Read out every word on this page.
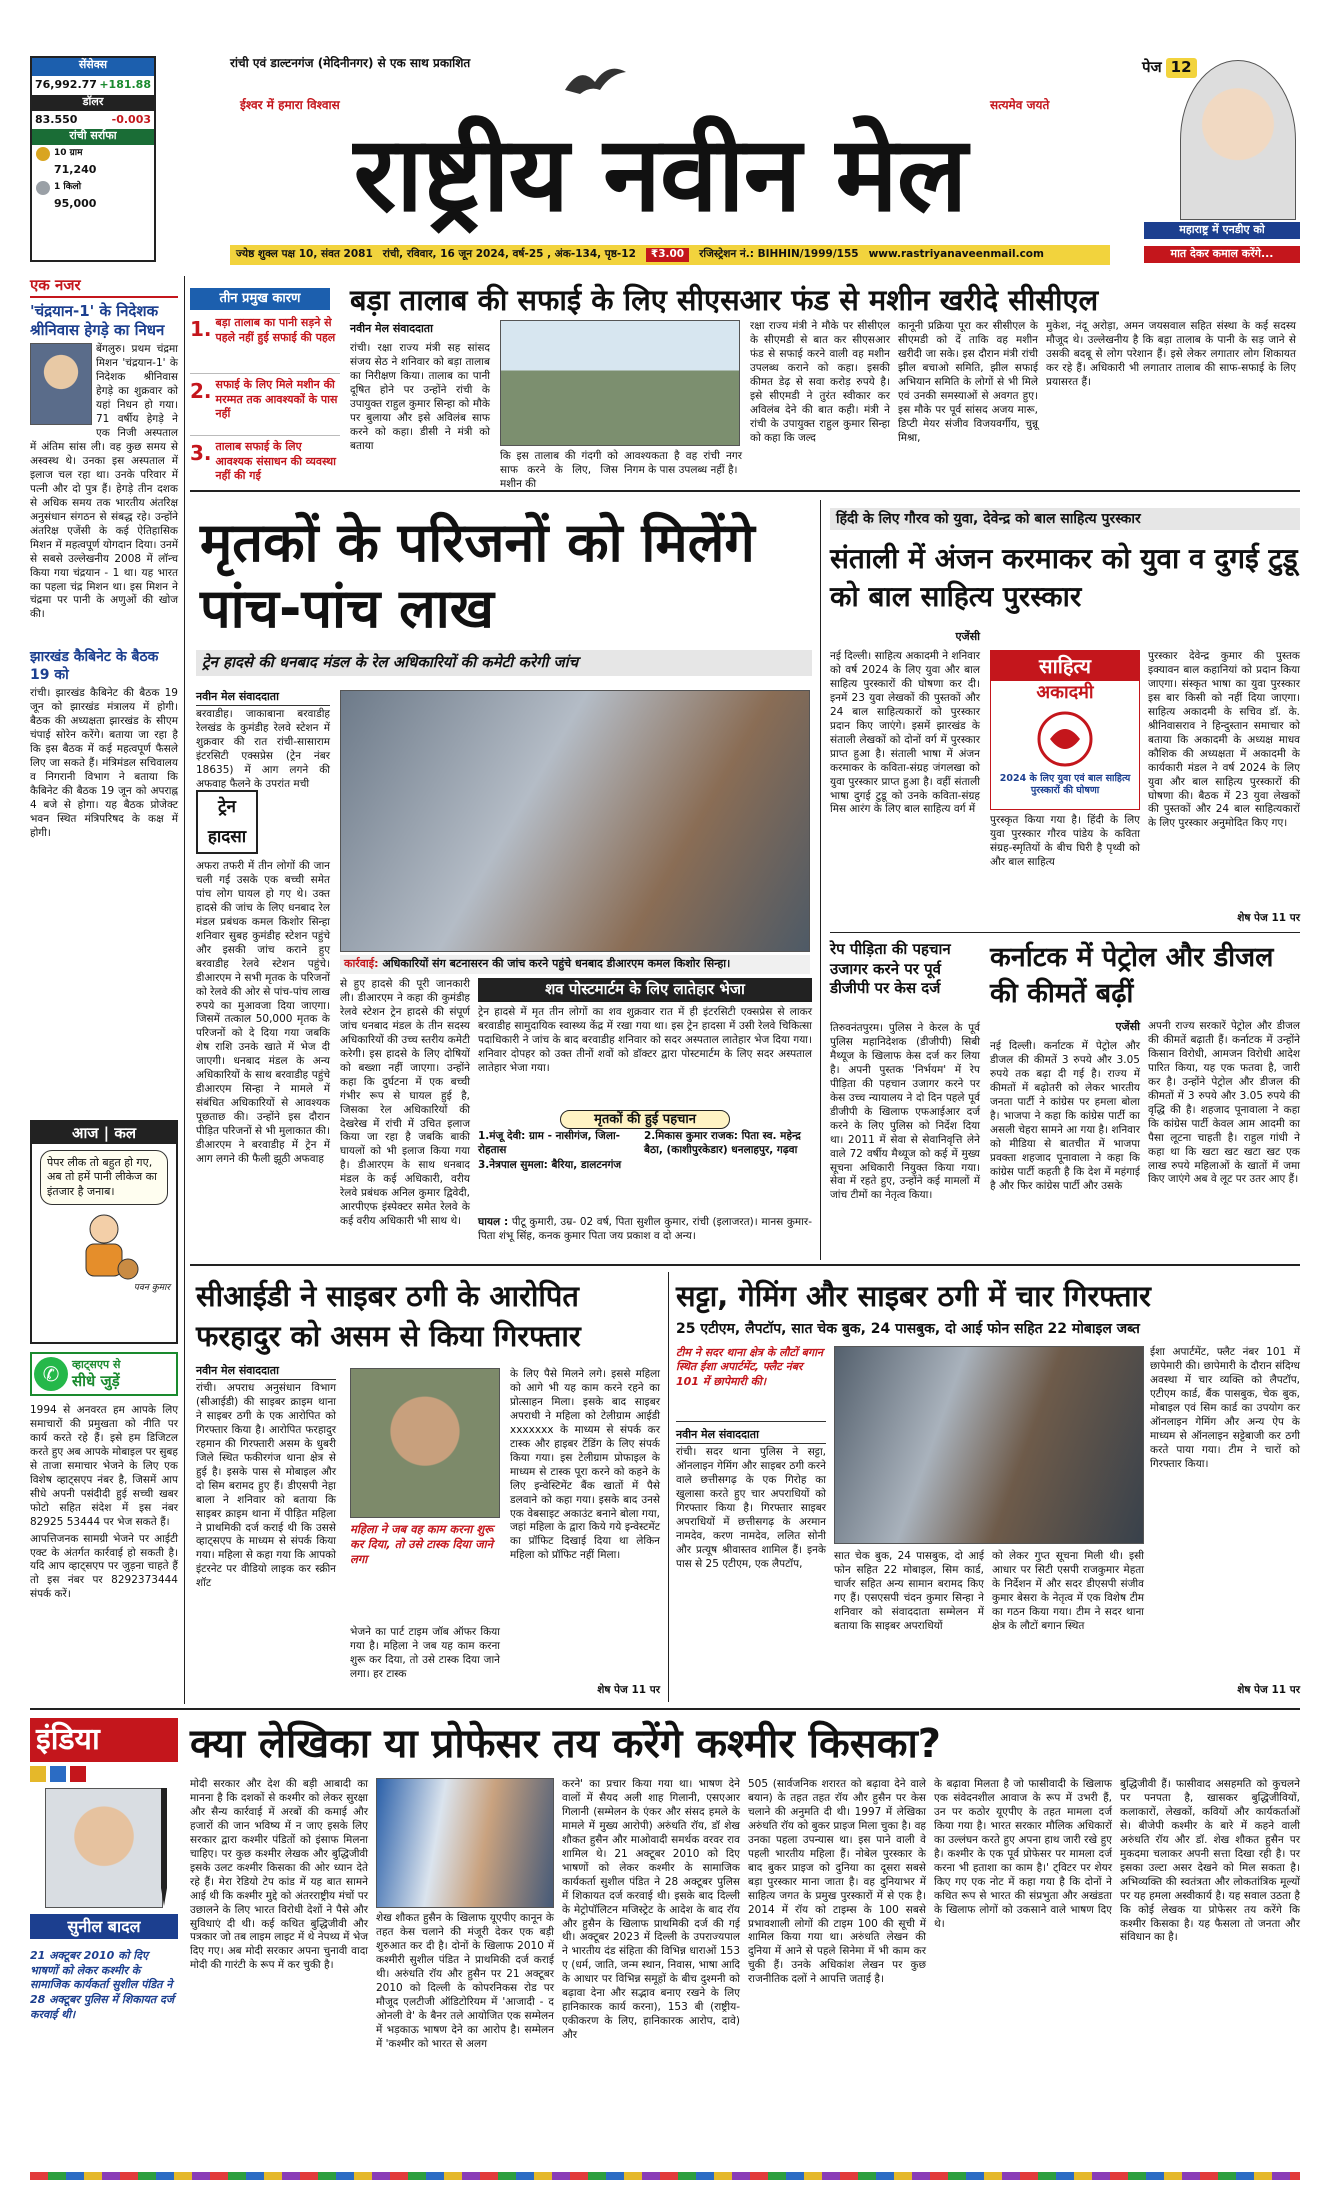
सेंसेक्स
76,992.77 +181.88
डॉलर
83.550	-0.003
रांची सर्राफा
10 ग्राम
71,240
1 किलो
95,000
रांची एवं डाल्टनगंज (मेदिनीनगर) से एक साथ प्रकाशित
ईश्वर में हमारा विश्वास	सत्यमेव जयते
राष्ट्रीय नवीन मेल
पेज 12
महाराष्ट्र में एनडीए को
मात देकर कमाल करेंगे...
ज्येष्ठ शुक्ल पक्ष 10, संवत 2081 रांची, रविवार, 16 जून 2024, वर्ष-25 , अंक-134, पृष्ठ-12	₹3.00	रजिस्ट्रेशन नं.: BIHHIN/1999/155 www.rastriyanaveenmail.com
एक नजर
'चंद्रयान-1' के निदेशक श्रीनिवास हेगड़े का निधन
बेंगलुरु। प्रथम चंद्रमा मिशन 'चंद्रयान-1' के निदेशक श्रीनिवास हेगड़े का शुक्रवार को यहां निधन हो गया। 71 वर्षीय हेगड़े ने एक निजी अस्पताल में अंतिम सांस ली। वह कुछ समय से अस्वस्थ थे। उनका इस अस्पताल में इलाज चल रहा था। उनके परिवार में पत्नी और दो पुत्र हैं। हेगड़े तीन दशक से अधिक समय तक भारतीय अंतरिक्ष अनुसंधान संगठन से संबद्ध रहे। उन्होंने अंतरिक्ष एजेंसी के कई ऐतिहासिक मिशन में महत्वपूर्ण योगदान दिया। उनमें से सबसे उल्लेखनीय 2008 में लॉन्च किया गया चंद्रयान - 1 था। यह भारत का पहला चंद्र मिशन था। इस मिशन ने चंद्रमा पर पानी के अणुओं की खोज की।
झारखंड कैबिनेट के बैठक 19 को
रांची। झारखंड कैबिनेट की बैठक 19 जून को झारखंड मंत्रालय में होगी। बैठक की अध्यक्षता झारखंड के सीएम चंपाई सोरेन करेंगे। बताया जा रहा है कि इस बैठक में कई महत्वपूर्ण फैसले लिए जा सकते हैं। मंत्रिमंडल सचिवालय व निगरानी विभाग ने बताया कि कैबिनेट की बैठक 19 जून को अपराह्न 4 बजे से होगा। यह बैठक प्रोजेक्ट भवन स्थित मंत्रिपरिषद के कक्ष में होगी।
आज | कल
पेपर लीक तो बहुत हो गए, अब तो हमें पानी लीकेज का इंतजार है जनाब।
पवन कुमार
✆	व्हाट्सएप से
सीधे जुड़ें

1994 से अनवरत हम आपके लिए समाचारों की प्रमुखता को नीति पर कार्य करते रहे हैं। इसे हम डिजिटल करते हुए अब आपके मोबाइल पर सुबह से ताजा समाचार भेजने के लिए एक विशेष व्हाट्सएप नंबर है, जिसमें आप सीधे अपनी पसंदीदी हुई सच्ची खबर फोटो सहित संदेश में इस नंबर 82925 53444 पर भेज सकते हैं।

आपत्तिजनक सामग्री भेजने पर आईटी एक्ट के अंतर्गत कार्रवाई हो सकती है। यदि आप व्हाट्सएप पर जुड़ना चाहते हैं तो इस नंबर पर 8292373444 संपर्क करें।

तीन प्रमुख कारण	बड़ा तालाब की सफाई के लिए सीएसआर फंड से मशीन खरीदे सीसीएल
1. बड़ा तालाब का पानी सड़ने से पहले नहीं हुई सफाई की पहल
2. सफाई के लिए मिले मशीन की मरम्मत तक आवश्यकों के पास नहीं
3. तालाब सफाई के लिए आवश्यक संसाधन की व्यवस्था नहीं की गई
नवीन मेल संवाददाता
रांची। रक्षा राज्य मंत्री सह सांसद संजय सेठ ने शनिवार को बड़ा तालाब का निरीक्षण किया। तालाब का पानी दूषित होने पर उन्होंने रांची के उपायुक्त राहुल कुमार सिन्हा को मौके पर बुलाया और इसे अविलंब साफ करने को कहा। डीसी ने मंत्री को बताया
कि इस तालाब की गंदगी को साफ करने के लिए, जिस मशीन की
आवश्यकता है वह रांची नगर निगम के पास उपलब्ध नहीं है।
रक्षा राज्य मंत्री ने मौके पर सीसीएल के सीएमडी से बात कर सीएसआर फंड से सफाई करने वाली वह मशीन उपलब्ध कराने को कहा। इसकी कीमत डेढ़ से सवा करोड़ रुपये है। इसे सीएमडी ने तुरंत स्वीकार कर अविलंब देने की बात कही। मंत्री ने रांची के उपायुक्त राहुल कुमार सिन्हा को कहा कि जल्द
कानूनी प्रक्रिया पूरा कर सीसीएल के सीएमडी को दें ताकि वह मशीन खरीदी जा सके। इस दौरान मंत्री रांची झील बचाओ समिति, झील सफाई अभियान समिति के लोगों से भी मिले एवं उनकी समस्याओं से अवगत हुए। इस मौके पर पूर्व सांसद अजय मारू, डिप्टी मेयर संजीव विजयवर्गीय, चुन्नू मिश्रा,
मुकेश, नंदू अरोड़ा, अमन जयसवाल सहित संस्था के कई सदस्य मौजूद थे। उल्लेखनीय है कि बड़ा तालाब के पानी के सड़ जाने से उसकी बदबू से लोग परेशान हैं। इसे लेकर लगातार लोग शिकायत कर रहे हैं। अधिकारी भी लगातार तालाब की साफ-सफाई के लिए प्रयासरत हैं।
मृतकों के परिजनों को मिलेंगे पांच-पांच लाख
ट्रेन हादसे की धनबाद मंडल के रेल अधिकारियों की कमेटी करेगी जांच
नवीन मेल संवाददाता
ट्रेन हादसा
बरवाडीह। जाकाबाना बरवाडीह रेलखंड के कुमंडीह रेलवे स्टेशन में शुक्रवार की रात रांची-सासाराम इंटरसिटी एक्सप्रेस (ट्रेन नंबर 18635) में आग लगने की अफवाह फैलने के उपरांत मची
अफरा तफरी में तीन लोगों की जान चली गई उसके एक बच्ची समेत पांच लोग घायल हो गए थे। उक्त हादसे की जांच के लिए धनबाद रेल मंडल प्रबंधक कमल किशोर सिन्हा शनिवार सुबह कुमंडीह स्टेशन पहुंचे और इसकी जांच कराने हुए बरवाडीह रेलवे स्टेशन पहुंचे। डीआरएम ने सभी मृतक के परिजनों को रेलवे की ओर से पांच-पांच लाख रुपये का मुआवजा दिया जाएगा। जिसमें तत्काल 50,000 मृतक के परिजनों को दे दिया गया जबकि शेष राशि उनके खाते में भेज दी जाएगी। धनबाद मंडल के अन्य अधिकारियों के साथ बरवाडीह पहुंचे डीआरएम सिन्हा ने मामले में संबंधित अधिकारियों से आवश्यक पूछताछ की। उन्होंने इस दौरान पीड़ित परिजनों से भी मुलाकात की। डीआरएम ने बरवाडीह में ट्रेन में आग लगने की फैली झूठी अफवाह
कार्रवाई: अधिकारियों संग बटनासरन की जांच करने पहुंचे धनबाद डीआरएम कमल किशोर सिन्हा।
से हुए हादसे की पूरी जानकारी ली। डीआरएम ने कहा की कुमंडीह रेलवे स्टेशन ट्रेन हादसे की संपूर्ण जांच धनबाद मंडल के तीन सदस्य अधिकारियों की उच्च स्तरीय कमेटी करेगी। इस हादसे के लिए दोषियों को बख्शा नहीं जाएगा। उन्होंने कहा कि दुर्घटना में एक बच्ची गंभीर रूप से घायल हुई है, जिसका रेल अधिकारियों की देखरेख में रांची में उचित इलाज किया जा रहा है जबकि बाकी घायलों को भी इलाज किया गया है। डीआरएम के साथ धनबाद मंडल के कई अधिकारी, वरीय रेलवे प्रबंधक अनिल कुमार द्विवेदी, आरपीएफ इंस्पेक्टर समेत रेलवे के कई वरीय अधिकारी भी साथ थे।
शव पोस्टमार्टम के लिए लातेहार भेजा
ट्रेन हादसे में मृत तीन लोगों का शव शुक्रवार रात में ही इंटरसिटी एक्सप्रेस से लाकर बरवाडीह सामुदायिक स्वास्थ्य केंद्र में रखा गया था। इस ट्रेन हादसा में उसी रेलवे चिकित्सा पदाधिकारी ने जांच के बाद बरवाडीह शनिवार को सदर अस्पताल लातेहार भेज दिया गया। शनिवार दोपहर को उक्त तीनों शवों को डॉक्टर द्वारा पोस्टमार्टम के लिए सदर अस्पताल लातेहार भेजा गया।
मृतकों की हुई पहचान
1.मंजू देवी: ग्राम - नासीगंज, जिला-रोहतास
2.मिकास कुमार राजक: पिता स्व. महेन्द्र बैठा, (काशीपुरकेडार) धनलाहपुर, गढ़वा
3.नेत्रपाल सुमला: बैरिया, डालटनगंज
घायल : पीटू कुमारी, उम्र- 02 वर्ष, पिता सुशील कुमार, रांची (इलाजरत)। मानस कुमार-पिता शंभू सिंह, कनक कुमार पिता जय प्रकाश व दो अन्य।
हिंदी के लिए गौरव को युवा, देवेन्द्र को बाल साहित्य पुरस्कार
संताली में अंजन करमाकर को युवा व दुगई टुडू को बाल साहित्य पुरस्कार
एजेंसी
नई दिल्ली। साहित्य अकादमी ने शनिवार को वर्ष 2024 के लिए युवा और बाल साहित्य पुरस्कारों की घोषणा कर दी। इनमें 23 युवा लेखकों की पुस्तकों और 24 बाल साहित्यकारों को पुरस्कार प्रदान किए जाएंगे। इसमें झारखंड के संताली लेखकों को दोनों वर्ग में पुरस्कार प्राप्त हुआ है। संताली भाषा में अंजन करमाकर के कविता-संग्रह जंगलखा को युवा पुरस्कार प्राप्त हुआ है। वहीं संताली भाषा दुगई टुडू को उनके कविता-संग्रह मिस आरंग के लिए बाल साहित्य वर्ग में
साहित्य
अकादमी
2024 के लिए युवा एवं बाल साहित्य पुरस्कारों की घोषणा
पुरस्कृत किया गया है। हिंदी के लिए युवा पुरस्कार गौरव पांडेय के कविता संग्रह-स्मृतियों के बीच घिरी है पृथ्वी को और बाल साहित्य
पुरस्कार देवेन्द्र कुमार की पुस्तक इक्यावन बाल कहानियां को प्रदान किया जाएगा। संस्कृत भाषा का युवा पुरस्कार इस बार किसी को नहीं दिया जाएगा। साहित्य अकादमी के सचिव डॉ. के. श्रीनिवासराव ने हिन्दुस्तान समाचार को बताया कि अकादमी के अध्यक्ष माधव कौशिक की अध्यक्षता में अकादमी के कार्यकारी मंडल ने वर्ष 2024 के लिए युवा और बाल साहित्य पुरस्कारों की घोषणा की। बैठक में 23 युवा लेखकों की पुस्तकों और 24 बाल साहित्यकारों के लिए पुरस्कार अनुमोदित किए गए।
शेष पेज 11 पर
रेप पीड़िता की पहचान उजागर करने पर पूर्व डीजीपी पर केस दर्ज
तिरुवनंतपुरम। पुलिस ने केरल के पूर्व पुलिस महानिदेशक (डीजीपी) सिबी मैथ्यूज के खिलाफ केस दर्ज कर लिया है। अपनी पुस्तक 'निर्भयम' में रेप पीड़िता की पहचान उजागर करने पर केस उच्च न्यायालय ने दो दिन पहले पूर्व डीजीपी के खिलाफ एफआईआर दर्ज करने के लिए पुलिस को निर्देश दिया था। 2011 में सेवा से सेवानिवृत्ति लेने वाले 72 वर्षीय मैथ्यूज को कई में मुख्य सूचना अधिकारी नियुक्त किया गया। सेवा में रहते हुए, उन्होंने कई मामलों में जांच टीमों का नेतृत्व किया।
कर्नाटक में पेट्रोल और डीजल की कीमतें बढ़ीं
एजेंसी
नई दिल्ली। कर्नाटक में पेट्रोल और डीजल की कीमतें 3 रुपये और 3.05 रुपये तक बढ़ा दी गई है। राज्य में कीमतों में बढ़ोतरी को लेकर भारतीय जनता पार्टी ने कांग्रेस पर हमला बोला है। भाजपा ने कहा कि कांग्रेस पार्टी का असली चेहरा सामने आ गया है। शनिवार को मीडिया से बातचीत में भाजपा प्रवक्ता शहजाद पूनावाला ने कहा कि कांग्रेस पार्टी कहती है कि देश में महंगाई है और फिर कांग्रेस पार्टी और उसके
अपनी राज्य सरकारें पेट्रोल और डीजल की कीमतें बढ़ाती हैं। कर्नाटक में उन्होंने किसान विरोधी, आमजन विरोधी आदेश पारित किया, यह एक फतवा है, जारी कर है। उन्होंने पेट्रोल और डीजल की कीमतों में 3 रुपये और 3.05 रुपये की वृद्धि की है। शहजाद पूनावाला ने कहा कि कांग्रेस पार्टी केवल आम आदमी का पैसा लूटना चाहती है। राहुल गांधी ने कहा था कि खटा खट खटा खट एक लाख रुपये महिलाओं के खातों में जमा किए जाएंगे अब वे लूट पर उतर आए हैं।
सीआईडी ने साइबर ठगी के आरोपित फरहादुर को असम से किया गिरफ्तार
नवीन मेल संवाददाता
रांची। अपराध अनुसंधान विभाग (सीआईडी) की साइबर क्राइम थाना ने साइबर ठगी के एक आरोपित को गिरफ्तार किया है। आरोपित फरहादुर रहमान की गिरफ्तारी असम के धुबरी जिले स्थित फकीरगंज थाना क्षेत्र से हुई है। इसके पास से मोबाइल और दो सिम बरामद हुए हैं। डीएसपी नेहा बाला ने शनिवार को बताया कि साइबर क्राइम थाना में पीड़ित महिला ने प्राथमिकी दर्ज कराई थी कि उससे व्हाट्सएप के माध्यम से संपर्क किया गया। महिला से कहा गया कि आपको इंटरनेट पर वीडियो लाइक कर स्क्रीन शॉट
महिला ने जब वह काम करना शुरू कर दिया, तो उसे टास्क दिया जाने लगा
भेजने का पार्ट टाइम जॉब ऑफर किया गया है। महिला ने जब यह काम करना शुरू कर दिया, तो उसे टास्क दिया जाने लगा। हर टास्क
के लिए पैसे मिलने लगे। इससे महिला को आगे भी यह काम करने रहने का प्रोत्साहन मिला। इसके बाद साइबर अपराधी ने महिला को टेलीग्राम आईडी xxxxxxx के माध्यम से संपर्क कर टास्क और हाइबर टेंडिंग के लिए संपर्क किया गया। इस टेलीग्राम प्रोफाइल के माध्यम से टास्क पूरा करने को कहने के लिए इन्वेस्टिमेंट बैंक खातों में पैसे डलवाने को कहा गया। इसके बाद उनसे एक वेबसाइट अकाउंट बनाने बोला गया, जहां महिला के द्वारा किये गये इन्वेस्टमेंट का प्रॉफिट दिखाई दिया था लेकिन महिला को प्रॉफिट नहीं मिला।
शेष पेज 11 पर
सट्टा, गेमिंग और साइबर ठगी में चार गिरफ्तार
25 एटीएम, लैपटॉप, सात चेक बुक, 24 पासबुक, दो आई फोन सहित 22 मोबाइल जब्त
टीम ने सदर थाना क्षेत्र के लौटों बगान स्थित ईशा अपार्टमेंट, फ्लैट नंबर 101 में छापेमारी की।
नवीन मेल संवाददाता
रांची। सदर थाना पुलिस ने सट्टा, ऑनलाइन गेमिंग और साइबर ठगी करने वाले छत्तीसगढ़ के एक गिरोह का खुलासा करते हुए चार अपराधियों को गिरफ्तार किया है। गिरफ्तार साइबर अपराधियों में छत्तीसगढ़ के अरमान नामदेव, करण नामदेव, ललित सोनी और प्रत्यूष श्रीवास्तव शामिल हैं। इनके पास से 25 एटीएम, एक लैपटॉप,
सात चेक बुक, 24 पासबुक, दो आई फोन सहित 22 मोबाइल, सिम कार्ड, चार्जर सहित अन्य सामान बरामद किए गए हैं। एसएसपी चंदन कुमार सिन्हा ने शनिवार को संवाददाता सम्मेलन में बताया कि साइबर अपराधियों
को लेकर गुप्त सूचना मिली थी। इसी आधार पर सिटी एसपी राजकुमार मेहता के निर्देशन में और सदर डीएसपी संजीव कुमार बेसरा के नेतृत्व में एक विशेष टीम का गठन किया गया। टीम ने सदर थाना क्षेत्र के लौटों बगान स्थित
ईशा अपार्टमेंट, फ्लैट नंबर 101 में छापेमारी की। छापेमारी के दौरान संदिग्ध अवस्था में चार व्यक्ति को लैपटॉप, एटीएम कार्ड, बैंक पासबुक, चेक बुक, मोबाइल एवं सिम कार्ड का उपयोग कर ऑनलाइन गेमिंग और अन्य ऐप के माध्यम से ऑनलाइन सट्टेबाजी कर ठगी करते पाया गया। टीम ने चारों को गिरफ्तार किया।
शेष पेज 11 पर
इंडिया
सुनील बादल
21 अक्टूबर 2010 को दिए भाषणों को लेकर कश्मीर के सामाजिक कार्यकर्ता सुशील पंडित ने 28 अक्टूबर पुलिस में शिकायत दर्ज करवाई थी।
क्या लेखिका या प्रोफेसर तय करेंगे कश्मीर किसका?
मोदी सरकार और देश की बड़ी आबादी का मानना है कि दशकों से कश्मीर को लेकर सुरक्षा और सैन्य कार्रवाई में अरबों की कमाई और हजारों की जान भविष्य में न जाए इसके लिए सरकार द्वारा कश्मीर पंडितों को इंसाफ मिलना चाहिए। पर कुछ कश्मीर लेखक और बुद्धिजीवी इसके उलट कश्मीर किसका की ओर ध्यान देते रहे हैं। मेरा रेडियो टेप कांड में यह बात सामने आई थी कि कश्मीर मुद्दे को अंतरराष्ट्रीय मंचों पर उछालने के लिए भारत विरोधी देशों ने पैसे और सुविधाएं दी थी। कई कथित बुद्धिजीवी और पत्रकार जो तब लाइम लाइट में थे नेपथ्य में भेज दिए गए। अब मोदी सरकार अपना चुनावी वादा मोदी की गारंटी के रूप में कर चुकी है।
शेख शौकत हुसैन के खिलाफ यूएपीए कानून के तहत केस चलाने की मंजूरी देकर एक बड़ी शुरुआत कर दी है। दोनों के खिलाफ 2010 में कश्मीरी सुशील पंडित ने प्राथमिकी दर्ज कराई थी। अरुंधति रॉय और हुसैन पर 21 अक्टूबर 2010 को दिल्ली के कोपरनिकस रोड पर मौजूद एलटीजी ऑडिटोरियम में 'आजादी - द ओनली वे' के बैनर तले आयोजित एक सम्मेलन में भड़काऊ भाषण देने का आरोप है। सम्मेलन में 'कश्मीर को भारत से अलग
करने' का प्रचार किया गया था। भाषण देने वालों में सैयद अली शाह गिलानी, एसएआर गिलानी (सम्मेलन के एंकर और संसद हमले के मामले में मुख्य आरोपी) अरुंधति रॉय, डॉ शेख शौकत हुसैन और माओवादी समर्थक वरवर राव शामिल थे। 21 अक्टूबर 2010 को दिए भाषणों को लेकर कश्मीर के सामाजिक कार्यकर्ता सुशील पंडित ने 28 अक्टूबर पुलिस में शिकायत दर्ज करवाई थी। इसके बाद दिल्ली के मेट्रोपॉलिटन मजिस्ट्रेट के आदेश के बाद रॉय और हुसैन के खिलाफ प्राथमिकी दर्ज की गई थी। अक्टूबर 2023 में दिल्ली के उपराज्यपाल ने भारतीय दंड संहिता की विभिन्न धाराओं 153 ए (धर्म, जाति, जन्म स्थान, निवास, भाषा आदि के आधार पर विभिन्न समूहों के बीच दुश्मनी को बढ़ावा देना और सद्भाव बनाए रखने के लिए हानिकारक कार्य करना), 153 बी (राष्ट्रीय-एकीकरण के लिए, हानिकारक आरोप, दावे) और
505 (सार्वजनिक शरारत को बढ़ावा देने वाले बयान) के तहत तहत रॉय और हुसैन पर केस चलाने की अनुमति दी थी। 1997 में लेखिका अरुंधति रॉय को बुकर प्राइज मिला चुका है। वह उनका पहला उपन्यास था। इस पाने वाली वे पहली भारतीय महिला हैं। नोबेल पुरस्कार के बाद बुकर प्राइज को दुनिया का दूसरा सबसे बड़ा पुरस्कार माना जाता है। वह दुनियाभर में साहित्य जगत के प्रमुख पुरस्कारों में से एक है। 2014 में रॉय को टाइम्स के 100 सबसे प्रभावशाली लोगों की टाइम 100 की सूची में शामिल किया गया था। अरुंधति लेखन की दुनिया में आने से पहले सिनेमा में भी काम कर चुकी हैं। उनके अधिकांश लेखन पर कुछ राजनीतिक दलों ने आपत्ति जताई है।
के बढ़ावा मिलता है जो फासीवादी के खिलाफ एक संवेदनशील आवाज के रूप में उभरी हैं, उन पर कठोर यूएपीए के तहत मामला दर्ज किया गया है। भारत सरकार मौलिक अधिकारों का उल्लंघन करते हुए अपना हाथ जारी रखे हुए है। कश्मीर के एक पूर्व प्रोफेसर पर मामला दर्ज करना भी हताशा का काम है।' ट्विटर पर शेयर किए गए एक नोट में कहा गया है कि दोनों ने कथित रूप से भारत की संप्रभुता और अखंडता के खिलाफ लोगों को उकसाने वाले भाषण दिए थे।
बुद्धिजीवी हैं। फासीवाद असहमति को कुचलने पर पनपता है, खासकर बुद्धिजीवियों, कलाकारों, लेखकों, कवियों और कार्यकर्ताओं से। बीजेपी कश्मीर के बारे में कहने वाली अरुंधति रॉय और डॉ. शेख शौकत हुसैन पर मुकदमा चलाकर अपनी सत्ता दिखा रही है। पर इसका उल्टा असर देखने को मिल सकता है। अभिव्यक्ति की स्वतंत्रता और लोकतांत्रिक मूल्यों पर यह हमला अस्वीकार्य है। यह सवाल उठता है कि कोई लेखक या प्रोफेसर तय करेंगे कि कश्मीर किसका है। यह फैसला तो जनता और संविधान का है।
